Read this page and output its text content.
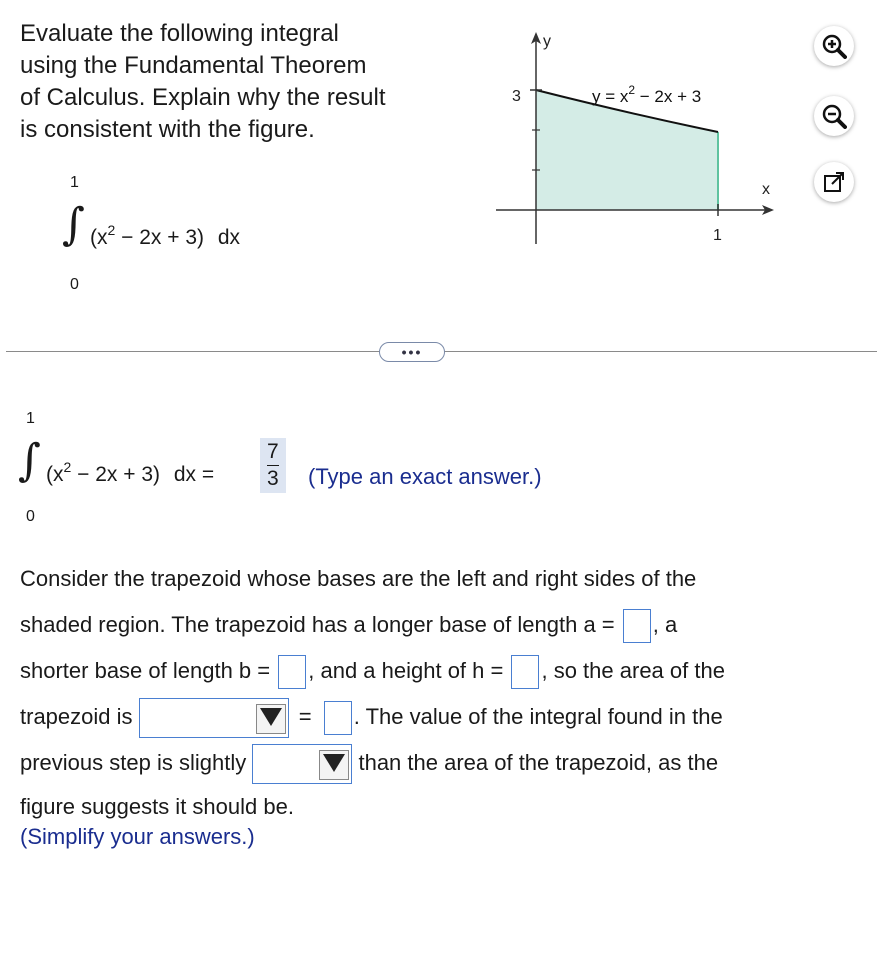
Evaluate the following integral
using the Fundamental Theorem
of Calculus. Explain why the result
is consistent with the figure.
1
∫ $(x^2 - 2x + 3)$ dx
0
y
x
3
1
$y = x^2 - 2x + 3$
•••
1
∫ $(x^2 - 2x + 3)$ dx =
7
3 (Type an exact answer.)
0
Consider the trapezoid whose bases are the left and right sides of the
shaded region. The trapezoid has a longer base of length a = , a
shorter base of length b = , and a height of h = , so the area of the
trapezoid is	= . The value of the integral found in the
previous step is slightly	than the area of the trapezoid, as the
figure suggests it should be.
(Simplify your answers.)
